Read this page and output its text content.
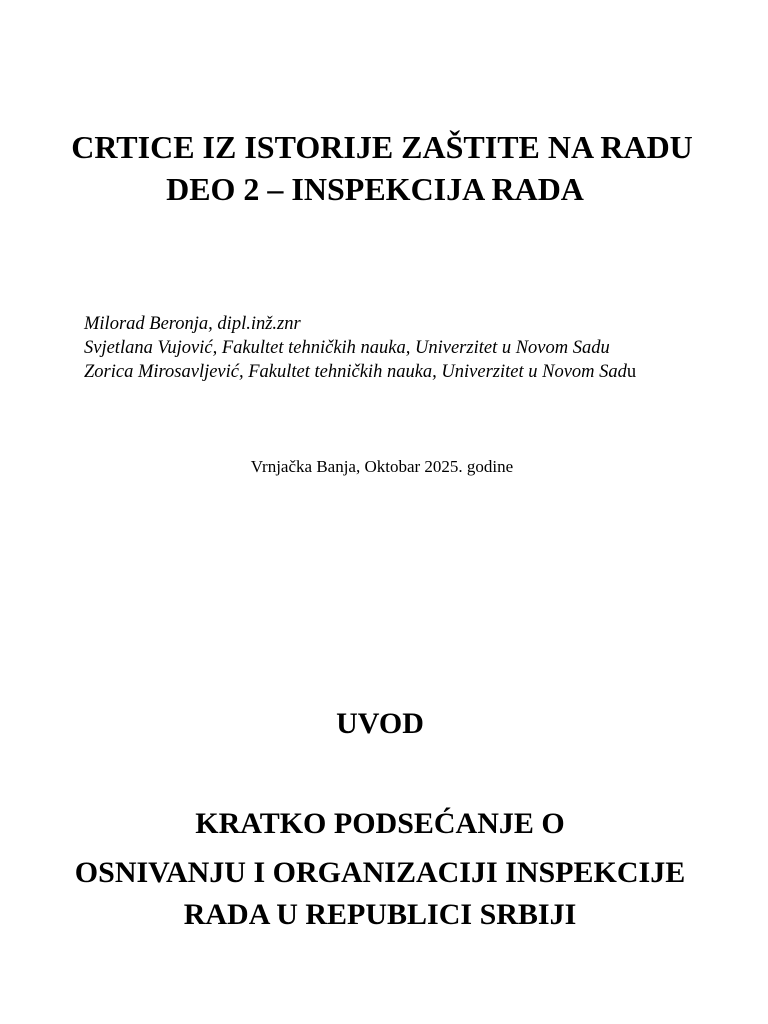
CRTICE IZ ISTORIJE ZAŠTITE NA RADU
DEO 2 – INSPEKCIJA RADA
Milorad Beronja, dipl.inž.znr
Svjetlana Vujović, Fakultet tehničkih nauka, Univerzitet u Novom Sadu
Zorica Mirosavljević, Fakultet tehničkih nauka, Univerzitet u Novom Sadu
Vrnjačka Banja, Oktobar 2025. godine
UVOD
KRATKO PODSEĆANJE O
OSNIVANJU I ORGANIZACIJI INSPEKCIJE
RADA U REPUBLICI SRBIJI
